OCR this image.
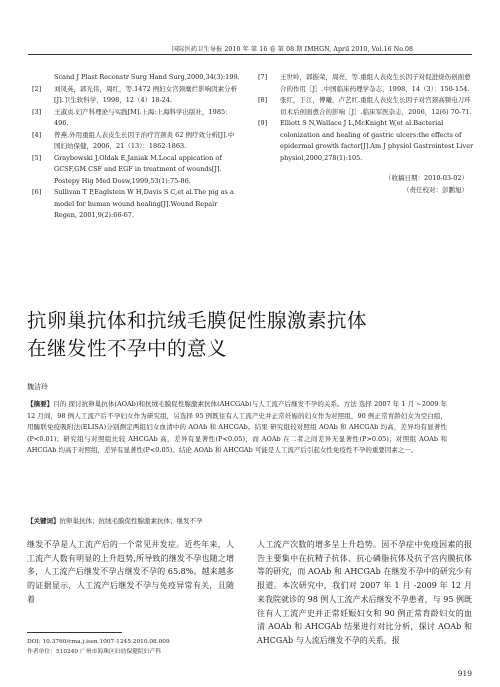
国际医药卫生导报 2010 年 第 16 卷 第 08 期 IMHGN, April 2010, Vol.16 No.08
Scand J Plast Reconstr Surg Hand Surg,2000,34(3):199.
[2] 刘凤英，郭光伟，周红，等.1472 例妇女宫颈糜烂影响因素分析[J].卫生软科学，1998，12（4）18-24.
[3] 王淑贞.妇产科理论与实践[M].上海:上海科学出版社，1985：496.
[4] 曾燕.外用重组人表皮生长因子治疗宫颈炎 62 例疗效分析[J].中国妇幼保健，2006，21（13）：1862-1863.
[5] Graybowski J,Oldak E,Janiak M.Local appication of GCSF,GM CSF and EGF in treatment of wounds[J]. Postepy Hig Med Dosw,1999,53(1):75-86.
[6] Sullivan T P,Eaglstein W H,Davis S C,et al.The pig as a model for human wound healing[J].Wound Repair Regen, 2001,9(2):66-67.
[7] 王世岭，郭振荣，周亮，等.重组人表皮生长因子对促进烧伤创面愈合的作用［J］.中国临床药理学杂志，1998，14（3）：150-154.
[8] 张红，于江，傅曦，卢艺红.重组人表皮生长因子对宫颈高频电刀环切术后创面愈合的影响［J］.临床军医杂志，2006，12(6) 70-71.
[9] Elliott S N,Wallace J L,McKnight W,et al.Bacterial colonization and healing of gastric ulcers:the effects of epidermal growth factor[J].Am J physiol Gastrointest Liver physiol,2000,278(1):105.
（收稿日期：2010-03-02）
（责任校对：彭鹏旭）
抗卵巢抗体和抗绒毛膜促性腺激素抗体
在继发性不孕中的意义
魏洁玲
【摘要】目的 探讨抗卵巢抗体(AOAb)和抗绒毛膜促性腺激素抗体(AHCGAb)与人工流产后继发不孕的关系。方法 选择 2007 年 1 月 ~2009 年 12 月间，98 例人工流产后不孕妇女作为研究组，另选择 95 例既往有人工流产史并正常妊娠的妇女作为对照组，90 例正常育龄妇女为空白组，用酶联免疫吸附法(ELISA)分别测定两组妇女血清中的 AOAb 和 AHCGAb。结果 研究组较对照组 AOAb 和 AHCGAb 均高，差异均有显著性(P<0.01)；研究组与对照组比较 AHCGAb 高，差异有显著性(P<0.05)，而 AOAb 在二者之间差异无显著性(P>0.05)；对照组 AOAb 和 AHCGAb 均高于对照组，差异有显著性(P<0.05)。结论 AOAb 和 AHCGAb 可能是人工流产后引起女性免疫性不孕的重要因素之一。
【关键词】抗卵巢抗体；抗绒毛膜促性腺激素抗体；继发不孕
继发不孕是人工流产后的一个常见并发症。近些年来，人工流产人数有明显的上升趋势,所导致的继发不孕也随之增多，人工流产后继发不孕占继发不孕的 65.8%。越来越多的证据显示，人工流产后继发不孕与免疫异常有关，且随着
人工流产次数的增多呈上升趋势。因不孕症中免疫因素的报告主要集中在抗精子抗体、抗心磷脂抗体及抗子宫内膜抗体等的研究，而 AOAb 和 AHCGAb 在继发不孕中的研究少有报道。本次研究中，我们对 2007 年 1 月 -2009 年 12 月来我院就诊的 98 例人工流产术后继发不孕患者，与 95 例既往有人工流产史并正常妊娠妇女和 90 例正常育龄妇女的血清 AOAb 和 AHCGAb 结果进行对比分析，探讨 AOAb 和 AHCGAb 与人流后继发不孕的关系，报
DOI: 10.3760/cma.j.issn.1007-1245.2010.08.009
作者单位：510240 广州市海珠区妇幼保健院妇产科
919
